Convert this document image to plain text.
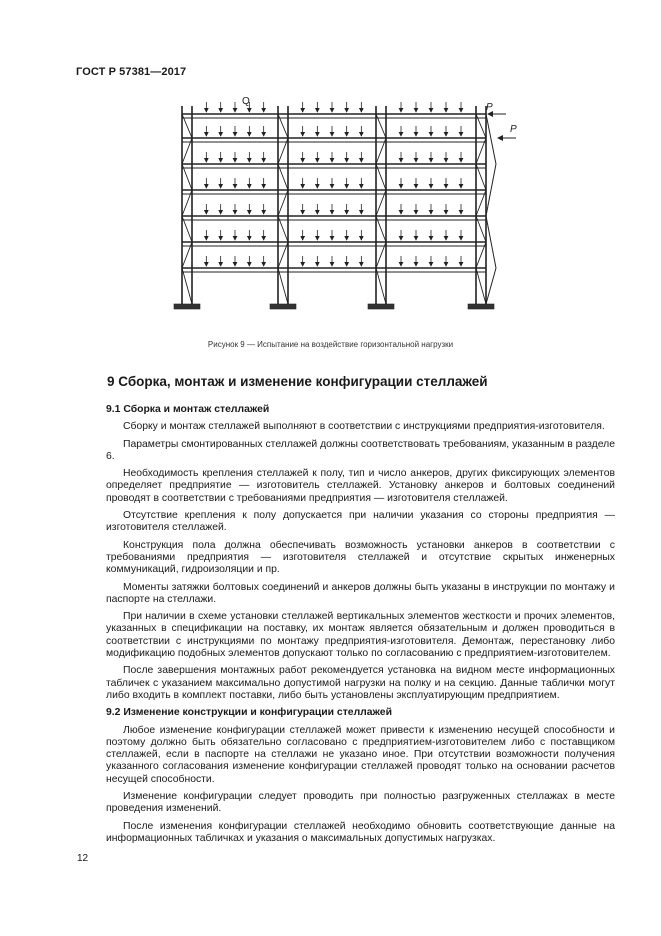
ГОСТ Р 57381—2017
Q
P
P
Рисунок 9 — Испытание на воздействие горизонтальной нагрузки
9 Сборка, монтаж и изменение конфигурации стеллажей
9.1 Сборка и монтаж стеллажей

Сборку и монтаж стеллажей выполняют в соответствии с инструкциями предприятия-изготовителя.

Параметры смонтированных стеллажей должны соответствовать требованиям, указанным в разделе 6.

Необходимость крепления стеллажей к полу, тип и число анкеров, других фиксирующих элементов определяет предприятие — изготовитель стеллажей. Установку анкеров и болтовых соединений проводят в соответствии с требованиями предприятия — изготовителя стеллажей.

Отсутствие крепления к полу допускается при наличии указания со стороны предприятия — изготовителя стеллажей.

Конструкция пола должна обеспечивать возможность установки анкеров в соответствии с требованиями предприятия — изготовителя стеллажей и отсутствие скрытых инженерных коммуникаций, гидроизоляции и пр.

Моменты затяжки болтовых соединений и анкеров должны быть указаны в инструкции по монтажу и паспорте на стеллажи.

При наличии в схеме установки стеллажей вертикальных элементов жесткости и прочих элементов, указанных в спецификации на поставку, их монтаж является обязательным и должен проводиться в соответствии с инструкциями по монтажу предприятия-изготовителя. Демонтаж, перестановку либо модификацию подобных элементов допускают только по согласованию с предприятием-изготовителем.

После завершения монтажных работ рекомендуется установка на видном месте информационных табличек с указанием максимально допустимой нагрузки на полку и на секцию. Данные таблички могут либо входить в комплект поставки, либо быть установлены эксплуатирующим предприятием.

9.2 Изменение конструкции и конфигурации стеллажей

Любое изменение конфигурации стеллажей может привести к изменению несущей способности и поэтому должно быть обязательно согласовано с предприятием-изготовителем либо с поставщиком стеллажей, если в паспорте на стеллажи не указано иное. При отсутствии возможности получения указанного согласования изменение конфигурации стеллажей проводят только на основании расчетов несущей способности.

Изменение конфигурации следует проводить при полностью разгруженных стеллажах в месте проведения изменений.

После изменения конфигурации стеллажей необходимо обновить соответствующие данные на информационных табличках и указания о максимальных допустимых нагрузках.

12
